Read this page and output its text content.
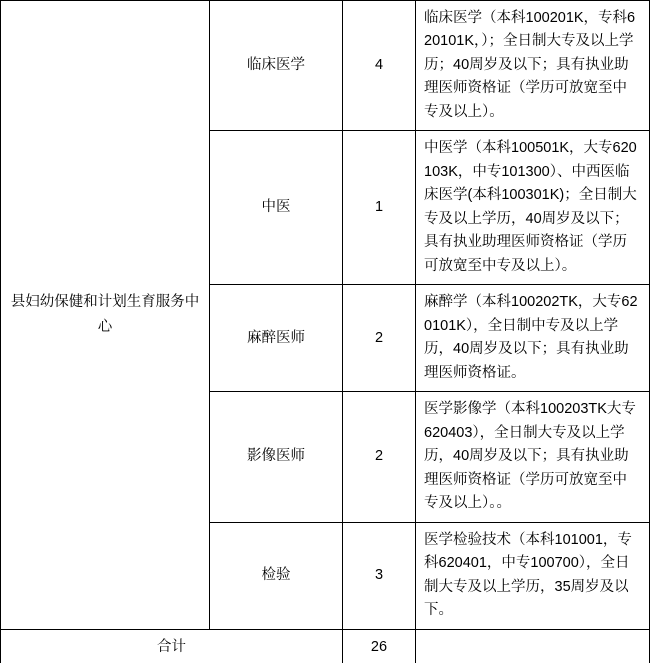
县妇幼保健和计划生育服务中心	临床医学	4	临床医学（本科100201K，专科620101K，）；全日制大专及以上学历；40周岁及以下；具有执业助理医师资格证（学历可放宽至中专及以上）。
	中医	1	中医学（本科100501K，大专620103K，中专101300）、中西医临床医学(本科100301K)；全日制大专及以上学历，40周岁及以下；具有执业助理医师资格证（学历可放宽至中专及以上）。
	麻醉医师	2	麻醉学（本科100202TK，大专620101K），全日制中专及以上学历，40周岁及以下；具有执业助理医师资格证。
	影像医师	2	医学影像学（本科100203TK大专620403），全日制大专及以上学历，40周岁及以下；具有执业助理医师资格证（学历可放宽至中专及以上）。。
	检验	3	医学检验技术（本科101001，专科620401，中专100700），全日制大专及以上学历，35周岁及以下。
合计		26	
